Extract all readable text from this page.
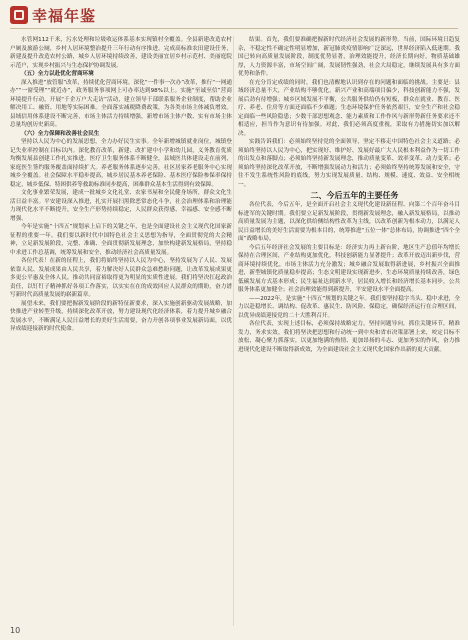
幸福年鉴

水管网112千米，污水处理和垃圾收运体系基本实现镇村全覆盖。全县新建改造农村户厕及旅游公厕，乡村人居环境整治提升三年行动有序推进。完成高标准农田建设任务，新建及提升改造农村公路，城乡人居环境持续改善，建设美丽宜居乡村示范村、美丽庭院示范户，实现乡村振兴与生态保护协调发展。

（五）全力以赴优化营商环境

深入推进“放管服”改革，持续优化营商环境。深化“一件事一次办”改革，推行“一网通办”“一窗受理”“就近办”，政务服务事项网上可办率达到98%以上。实施“至诚至信”营商环境提升行动，开展“千企万户大走访”活动，建立领导干部联系服务企业制度，帮助企业解决用工、融资、用地等实际困难。全面落实减税降费政策，为各类市场主体减负增效。县域信用体系建设不断完善，市场主体活力持续增强，新增市场主体户数、实有市场主体总量均创历史新高。

（六）全力保障和改善社会民生

坚持以人民为中心的发展思想，全力办好民生实事。全年新增城镇就业岗位，城镇登记失业率控制在目标以内。深化教育改革，新建、改扩建中小学和幼儿园，义务教育优质均衡发展县创建工作扎实推进。医疗卫生服务体系不断健全，县域医共体建设走在前列，家庭医生签约服务覆盖面持续扩大。养老服务体系逐步完善，社区居家养老服务中心实现城乡全覆盖。社会保障水平稳步提高，城乡居民基本养老保险、基本医疗保险参保率保持稳定，城乡低保、特困供养等救助标准同步提高，困难群众基本生活得到有效保障。

文化事业繁荣发展，建成一批城乡文化礼堂、农家书屋和全民健身场所，群众文化生活日益丰富。平安建设深入推进，扎实开展扫黑除恶常态化斗争，社会治理体系和治理能力现代化水平不断提升，安全生产形势持续稳定，人民群众获得感、幸福感、安全感不断增强。

今年是实施“十四五”规划承上启下的关键之年，也是全面建设社会主义现代化国家新征程的重要一年。我们要以新时代中国特色社会主义思想为指导，全面贯彻党的大会精神，立足新发展阶段，完整、准确、全面贯彻新发展理念，加快构建新发展格局，坚持稳中求进工作总基调，统筹发展和安全，推动经济社会高质量发展。

各位代表！在新的征程上，我们将始终坚持以人民为中心，坚持发展为了人民、发展依靠人民、发展成果由人民共享，着力解决好人民群众急难愁盼问题，让改革发展成果更多更公平惠及全体人民，推动共同富裕取得更为明显的实质性进展。我们将坚决扛起政治责任，以钉钉子精神抓好各项工作落实，以实实在在的成效回应人民群众的期盼，奋力谱写新时代高质量发展的崭新篇章。

展望未来，我们要把握新发展阶段的新特征新要求，深入实施创新驱动发展战略，加快推进产业转型升级，持续深化改革开放，努力建设现代化经济体系，着力提升城乡融合发展水平，不断满足人民日益增长的美好生活需要，奋力开创各项事业发展新局面，以优异成绩迎接新的时代使命。

结果。首先，我们要准确把握新时代经济社会发展的新形势。当前，国际环境日趋复杂，不稳定性不确定性明显增加，新冠肺炎疫情影响广泛深远，世界经济陷入低迷期。我国已转向高质量发展阶段，制度优势显著，治理效能提升，经济长期向好，物质基础雄厚，人力资源丰富，市场空间广阔，发展韧性强劲，社会大局稳定，继续发展具有多方面优势和条件。

在充分肯定成绩的同时，我们也清醒地认识到存在的问题和面临的挑战。主要是：县域经济总量不大，产业结构不够优化，新兴产业和高端项目偏少，科技创新能力不强，发展后劲有待增强；城乡区域发展不平衡，公共服务供给仍有短板，群众在就业、教育、医疗、养老、住房等方面还面临不少难题；生态环境保护任务依然艰巨，安全生产和社会稳定面临一些风险隐患；少数干部思想观念、能力素质和工作作风与新形势新任务要求还不相适应，担当作为意识有待加强。对此，我们必须高度重视，采取有力措施切实加以解决。

实践告诉我们：必须始终坚持党的全面领导，坚定不移走中国特色社会主义道路；必须始终坚持以人民为中心，把实现好、维护好、发展好最广大人民根本利益作为一切工作的出发点和落脚点；必须始终坚持新发展理念，推动质量变革、效率变革、动力变革；必须始终坚持深化改革开放，不断增强发展动力和活力；必须始终坚持统筹发展和安全，守住不发生系统性风险的底线，努力实现发展质量、结构、规模、速度、效益、安全相统一。

二、今后五年的主要任务

各位代表，今后五年，是全面开启社会主义现代化建设新征程、向第二个百年奋斗目标进军的关键时期。我们要立足新发展阶段，贯彻新发展理念，融入新发展格局，以推动高质量发展为主题，以深化供给侧结构性改革为主线，以改革创新为根本动力，以满足人民日益增长的美好生活需要为根本目的，统筹推进“五位一体”总体布局，协调推进“四个全面”战略布局。

今后五年经济社会发展的主要目标是：经济实力再上新台阶，地区生产总值年均增长保持在合理区间，产业结构更加优化，科技创新能力显著提升；改革开放迈出新步伐，营商环境持续优化，市场主体活力充分激发；城乡融合发展取得新进展，乡村振兴全面推进，新型城镇化质量稳步提高；生态文明建设实现新进步，生态环境质量持续改善，绿色低碳发展方式基本形成；民生福祉达到新水平，居民收入增长和经济增长基本同步，公共服务体系更加健全；社会治理效能得到新提升，平安建设水平全面提高。

——2022年，是实施“十四五”规划的关键之年。我们要坚持稳字当头、稳中求进，全力以赴稳增长、调结构、促改革、惠民生、防风险、保稳定，确保经济运行在合理区间，以优异成绩迎接党的二十大胜利召开。

各位代表，实现上述目标，必须保持战略定力，坚持问题导向，抓住关键环节，精准发力，务求实效。我们将坚决把思想和行动统一到中央和省市决策部署上来，咬定目标不放松，凝心聚力抓落实，以更加饱满的热情、更加昂扬的斗志、更加务实的作风，奋力推进现代化建设不断取得新成效，为全面建设社会主义现代化国家作出新的更大贡献。

10
